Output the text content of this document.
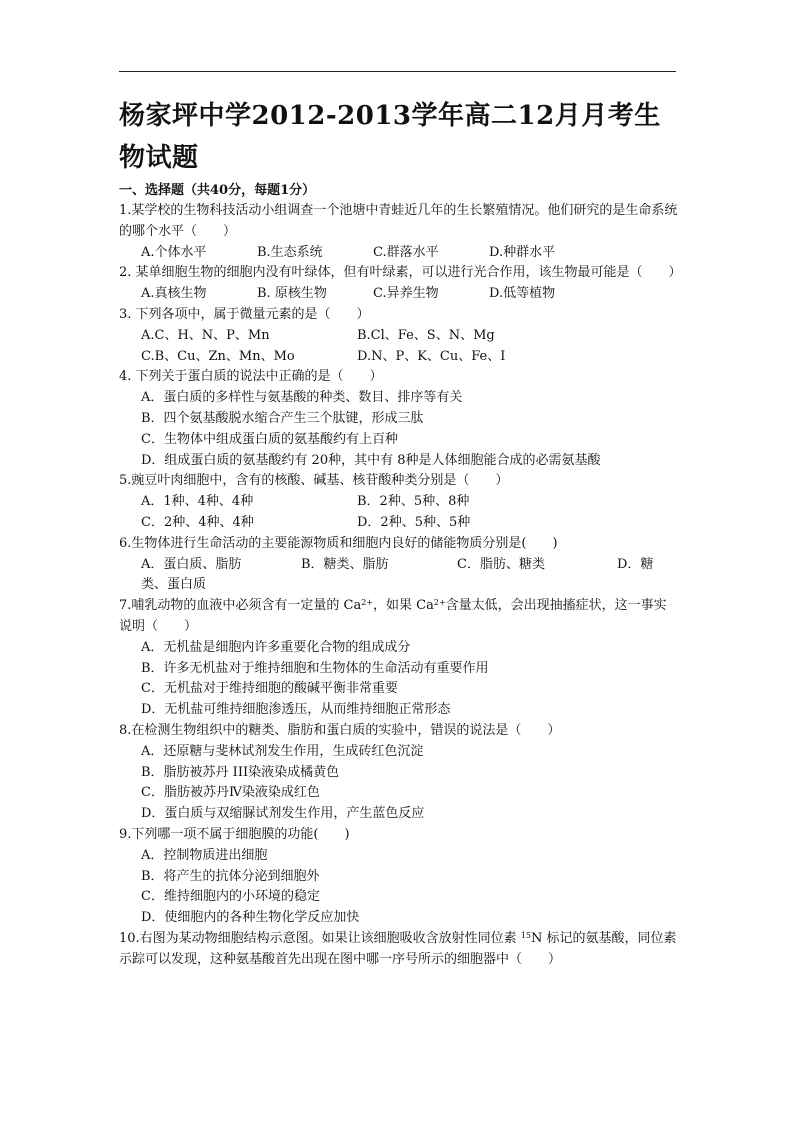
杨家坪中学2012-2013学年高二12月月考生物试题
一、选择题（共40分，每题1分）

1.某学校的生物科技活动小组调查一个池塘中青蛙近几年的生长繁殖情况。他们研究的是生命系统的哪个水平（　　）

A.个体水平	B.生态系统	C.群落水平	D.种群水平

2. 某单细胞生物的细胞内没有叶绿体，但有叶绿素，可以进行光合作用，该生物最可能是（　　）

A.真核生物	B. 原核生物	C.异养生物	D.低等植物

3. 下列各项中，属于微量元素的是（　　）

A.C、H、N、P、Mn	B.Cl、Fe、S、N、Mg
C.B、Cu、Zn、Mn、Mo	D.N、P、K、Cu、Fe、I

4. 下列关于蛋白质的说法中正确的是（　　）

A．蛋白质的多样性与氨基酸的种类、数目、排序等有关
B．四个氨基酸脱水缩合产生三个肽键，形成三肽
C．生物体中组成蛋白质的氨基酸约有上百种
D．组成蛋白质的氨基酸约有 20种，其中有 8种是人体细胞能合成的必需氨基酸

5.豌豆叶肉细胞中，含有的核酸、碱基、核苷酸种类分别是（　　）

A．1种、4种、4种	B．2种、5种、8种
C．2种、4种、4种	D．2种、5种、5种

6.生物体进行生命活动的主要能源物质和细胞内良好的储能物质分别是(　　)

A．蛋白质、脂肪	B．糖类、脂肪	C．脂肪、糖类	D．糖类、蛋白质

7.哺乳动物的血液中必须含有一定量的 $Ca^{2+}$，如果 $Ca^{2+}$含量太低，会出现抽搐症状，这一事实说明（　　）

A．无机盐是细胞内许多重要化合物的组成成分
B．许多无机盐对于维持细胞和生物体的生命活动有重要作用
C．无机盐对于维持细胞的酸碱平衡非常重要
D．无机盐可维持细胞渗透压，从而维持细胞正常形态

8.在检测生物组织中的糖类、脂肪和蛋白质的实验中，错误的说法是（　　）

A．还原糖与斐林试剂发生作用，生成砖红色沉淀
B．脂肪被苏丹 III染液染成橘黄色
C．脂肪被苏丹Ⅳ染液染成红色
D．蛋白质与双缩脲试剂发生作用，产生蓝色反应

9.下列哪一项不属于细胞膜的功能(　　)

A．控制物质进出细胞
B．将产生的抗体分泌到细胞外
C．维持细胞内的小环境的稳定
D．使细胞内的各种生物化学反应加快

10.右图为某动物细胞结构示意图。如果让该细胞吸收含放射性同位素 $^{15}$N 标记的氨基酸，同位素示踪可以发现，这种氨基酸首先出现在图中哪一序号所示的细胞器中（　　）
